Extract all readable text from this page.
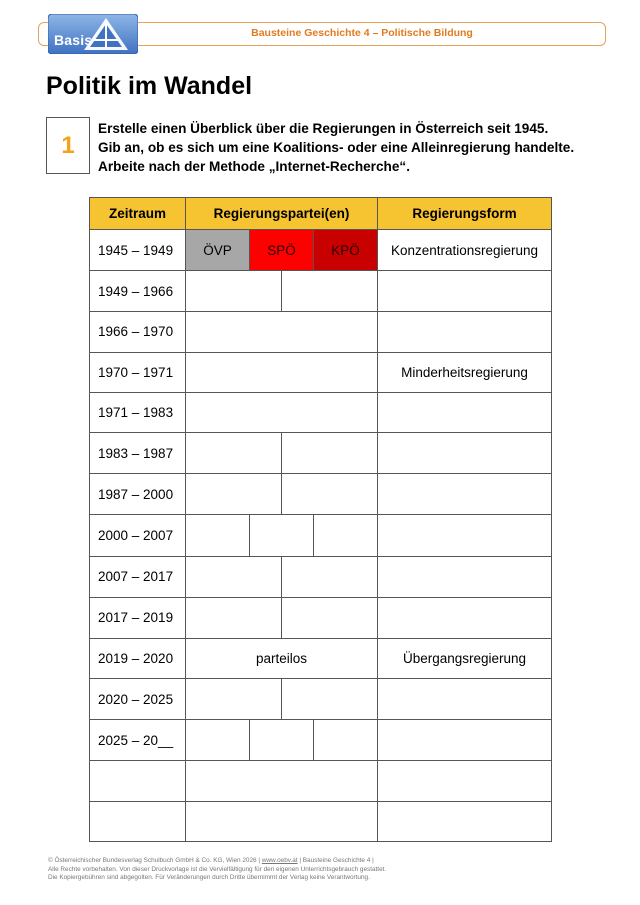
Bausteine Geschichte 4 – Politische Bildung
Basis
Politik im Wandel
1
Erstelle einen Überblick über die Regierungen in Österreich seit 1945.
Gib an, ob es sich um eine Koalitions- oder eine Alleinregierung handelte.
Arbeite nach der Methode „Internet-Recherche“.
Zeitraum	Regierungspartei(en)	Regierungsform
1945 – 1949	ÖVP SPÖ KPÖ	Konzentrationsregierung
1949 – 1966	

1966 – 1970		
1970 – 1971		Minderheitsregierung
1971 – 1983		
1983 – 1987	

1987 – 2000	

2000 – 2007	

2007 – 2017	

2017 – 2019	

2019 – 2020	parteilos	Übergangsregierung
2020 – 2025	

2025 – 20__	

© Österreichischer Bundesverlag Schulbuch GmbH & Co. KG, Wien 2026 | www.oebv.at | Bausteine Geschichte 4 |
Alle Rechte vorbehalten. Von dieser Druckvorlage ist die Vervielfältigung für den eigenen Unterrichtsgebrauch gestattet.
Die Kopiergebühren sind abgegolten. Für Veränderungen durch Dritte übernimmt der Verlag keine Verantwortung.
